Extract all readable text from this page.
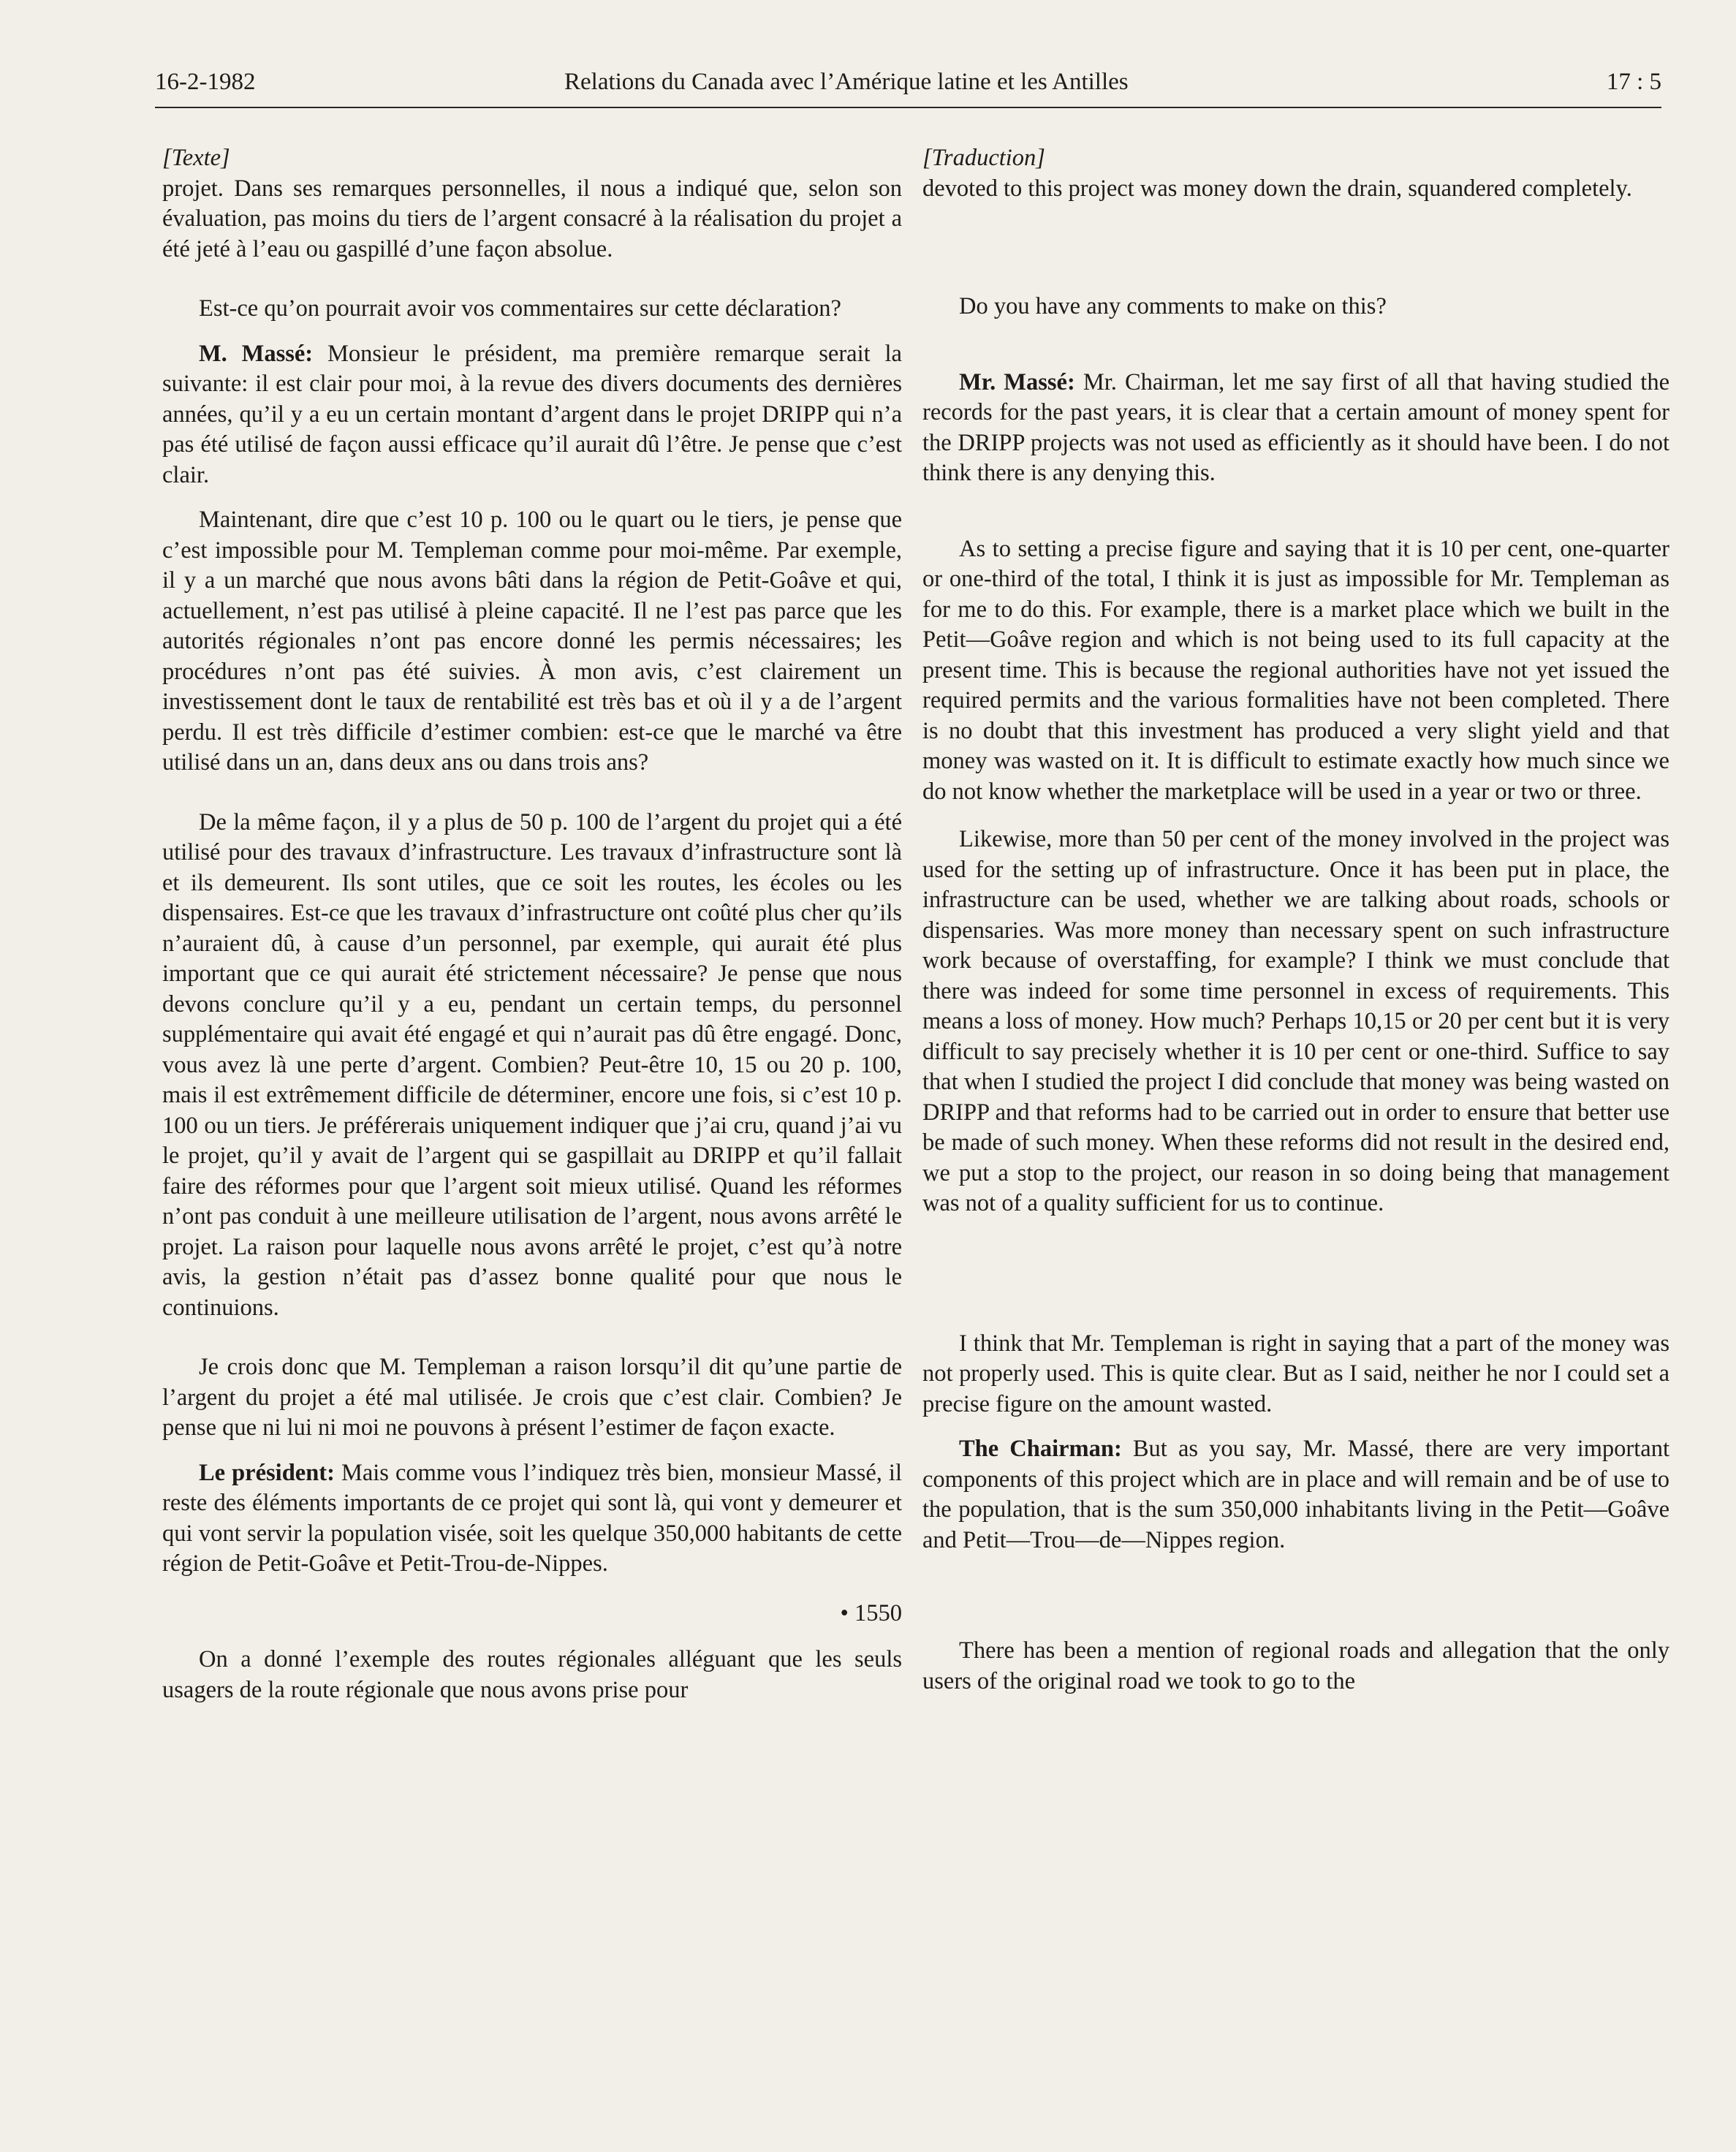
16-2-1982	Relations du Canada avec l’Amérique latine et les Antilles	17 : 5

[Texte]

projet. Dans ses remarques personnelles, il nous a indiqué que, selon son évaluation, pas moins du tiers de l’argent consacré à la réalisation du projet a été jeté à l’eau ou gaspillé d’une façon absolue.

Est-ce qu’on pourrait avoir vos commentaires sur cette déclaration?

M. Massé: Monsieur le président, ma première remarque serait la suivante: il est clair pour moi, à la revue des divers documents des dernières années, qu’il y a eu un certain montant d’argent dans le projet DRIPP qui n’a pas été utilisé de façon aussi efficace qu’il aurait dû l’être. Je pense que c’est clair.

Maintenant, dire que c’est 10 p. 100 ou le quart ou le tiers, je pense que c’est impossible pour M. Templeman comme pour moi-même. Par exemple, il y a un marché que nous avons bâti dans la région de Petit-Goâve et qui, actuellement, n’est pas utilisé à pleine capacité. Il ne l’est pas parce que les autorités régionales n’ont pas encore donné les permis nécessaires; les procédures n’ont pas été suivies. À mon avis, c’est clairement un investissement dont le taux de rentabilité est très bas et où il y a de l’argent perdu. Il est très difficile d’estimer combien: est-ce que le marché va être utilisé dans un an, dans deux ans ou dans trois ans?

De la même façon, il y a plus de 50 p. 100 de l’argent du projet qui a été utilisé pour des travaux d’infrastructure. Les travaux d’infrastructure sont là et ils demeurent. Ils sont utiles, que ce soit les routes, les écoles ou les dispensaires. Est-ce que les travaux d’infrastructure ont coûté plus cher qu’ils n’auraient dû, à cause d’un personnel, par exemple, qui aurait été plus important que ce qui aurait été strictement nécessaire? Je pense que nous devons conclure qu’il y a eu, pendant un certain temps, du personnel supplémentaire qui avait été engagé et qui n’aurait pas dû être engagé. Donc, vous avez là une perte d’argent. Combien? Peut-être 10, 15 ou 20 p. 100, mais il est extrêmement difficile de déterminer, encore une fois, si c’est 10 p. 100 ou un tiers. Je préférerais uniquement indiquer que j’ai cru, quand j’ai vu le projet, qu’il y avait de l’argent qui se gaspillait au DRIPP et qu’il fallait faire des réformes pour que l’argent soit mieux utilisé. Quand les réformes n’ont pas conduit à une meilleure utilisation de l’argent, nous avons arrêté le projet. La raison pour laquelle nous avons arrêté le projet, c’est qu’à notre avis, la gestion n’était pas d’assez bonne qualité pour que nous le continuions.

Je crois donc que M. Templeman a raison lorsqu’il dit qu’une partie de l’argent du projet a été mal utilisée. Je crois que c’est clair. Combien? Je pense que ni lui ni moi ne pouvons à présent l’estimer de façon exacte.

Le président: Mais comme vous l’indiquez très bien, monsieur Massé, il reste des éléments importants de ce projet qui sont là, qui vont y demeurer et qui vont servir la population visée, soit les quelque 350,000 habitants de cette région de Petit-Goâve et Petit-Trou-de-Nippes.

• 1550

On a donné l’exemple des routes régionales alléguant que les seuls usagers de la route régionale que nous avons prise pour

[Traduction]

devoted to this project was money down the drain, squandered completely.

Do you have any comments to make on this?

Mr. Massé: Mr. Chairman, let me say first of all that having studied the records for the past years, it is clear that a certain amount of money spent for the DRIPP projects was not used as efficiently as it should have been. I do not think there is any denying this.

As to setting a precise figure and saying that it is 10 per cent, one-quarter or one-third of the total, I think it is just as impossible for Mr. Templeman as for me to do this. For example, there is a market place which we built in the Petit—Goâve region and which is not being used to its full capacity at the present time. This is because the regional authorities have not yet issued the required permits and the various formalities have not been completed. There is no doubt that this investment has produced a very slight yield and that money was wasted on it. It is difficult to estimate exactly how much since we do not know whether the marketplace will be used in a year or two or three.

Likewise, more than 50 per cent of the money involved in the project was used for the setting up of infrastructure. Once it has been put in place, the infrastructure can be used, whether we are talking about roads, schools or dispensaries. Was more money than necessary spent on such infrastructure work because of overstaffing, for example? I think we must conclude that there was indeed for some time personnel in excess of requirements. This means a loss of money. How much? Perhaps 10,15 or 20 per cent but it is very difficult to say precisely whether it is 10 per cent or one-third. Suffice to say that when I studied the project I did conclude that money was being wasted on DRIPP and that reforms had to be carried out in order to ensure that better use be made of such money. When these reforms did not result in the desired end, we put a stop to the project, our reason in so doing being that management was not of a quality sufficient for us to continue.

I think that Mr. Templeman is right in saying that a part of the money was not properly used. This is quite clear. But as I said, neither he nor I could set a precise figure on the amount wasted.

The Chairman: But as you say, Mr. Massé, there are very important components of this project which are in place and will remain and be of use to the population, that is the sum 350,000 inhabitants living in the Petit—Goâve and Petit—Trou—de—Nippes region.

There has been a mention of regional roads and allegation that the only users of the original road we took to go to the
